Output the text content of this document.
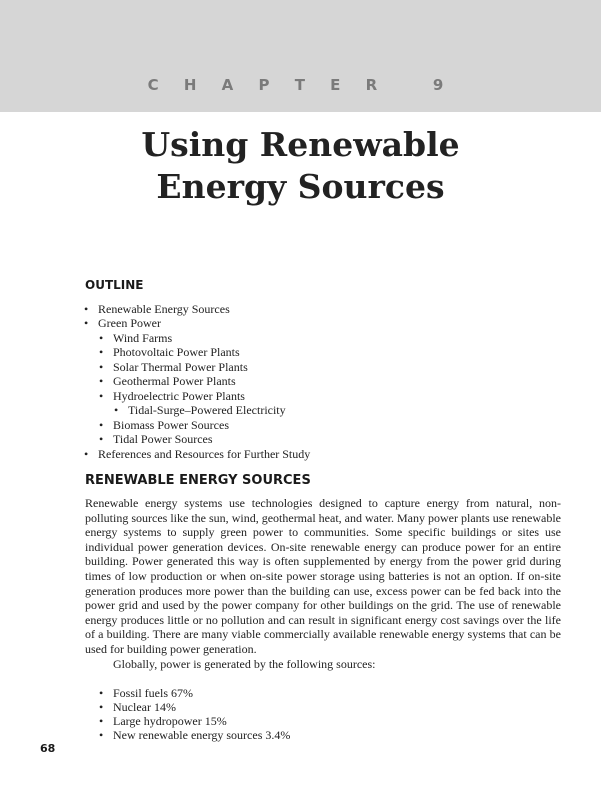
C H A P T E R   9
Using Renewable
Energy Sources
OUTLINE
• Renewable Energy Sources
• Green Power
• Wind Farms
• Photovoltaic Power Plants
• Solar Thermal Power Plants
• Geothermal Power Plants
• Hydroelectric Power Plants
• Tidal-Surge–Powered Electricity
• Biomass Power Sources
• Tidal Power Sources
• References and Resources for Further Study
RENEWABLE ENERGY SOURCES
Renewable energy systems use technologies designed to capture energy from natural, non-polluting sources like the sun, wind, geothermal heat, and water. Many power plants use renewable energy systems to supply green power to communities. Some specific buildings or sites use individual power generation devices. On-site renewable energy can produce power for an entire building. Power generated this way is often supplemented by energy from the power grid during times of low production or when on-site power storage using batteries is not an option. If on-site generation produces more power than the building can use, excess power can be fed back into the power grid and used by the power company for other buildings on the grid. The use of renewable energy produces little or no pollution and can result in significant energy cost savings over the life of a building. There are many viable commercially available renewable energy systems that can be used for building power generation.
Globally, power is generated by the following sources:
• Fossil fuels 67%
• Nuclear 14%
• Large hydropower 15%
• New renewable energy sources 3.4%
68
